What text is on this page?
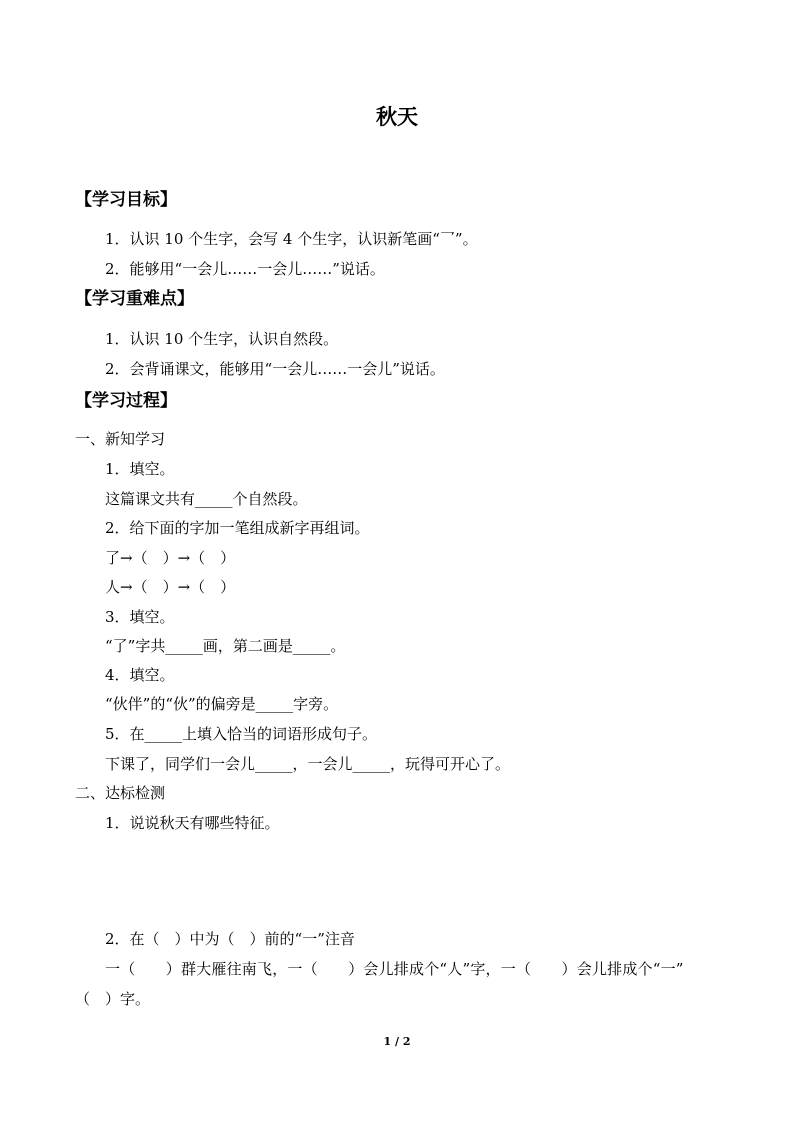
秋天
【学习目标】
1．认识 10 个生字，会写 4 个生字，认识新笔画“乛”。
2．能够用“一会儿……一会儿……”说话。
【学习重难点】
1．认识 10 个生字，认识自然段。
2．会背诵课文，能够用“一会儿……一会儿”说话。
【学习过程】
一、新知学习
1．填空。
这篇课文共有_____个自然段。
2．给下面的字加一笔组成新字再组词。
了→（　）→（　）
人→（　）→（　）
3．填空。
“了”字共_____画，第二画是_____。
4．填空。
“伙伴”的“伙”的偏旁是_____字旁。
5．在_____上填入恰当的词语形成句子。
下课了，同学们一会儿_____，一会儿_____，玩得可开心了。
二、达标检测
1．说说秋天有哪些特征。
2．在（　）中为（　）前的“一”注音
一（　　）群大雁往南飞，一（　　）会儿排成个“人”字，一（　　）会儿排成个“一”
（　）字。
1 / 2
